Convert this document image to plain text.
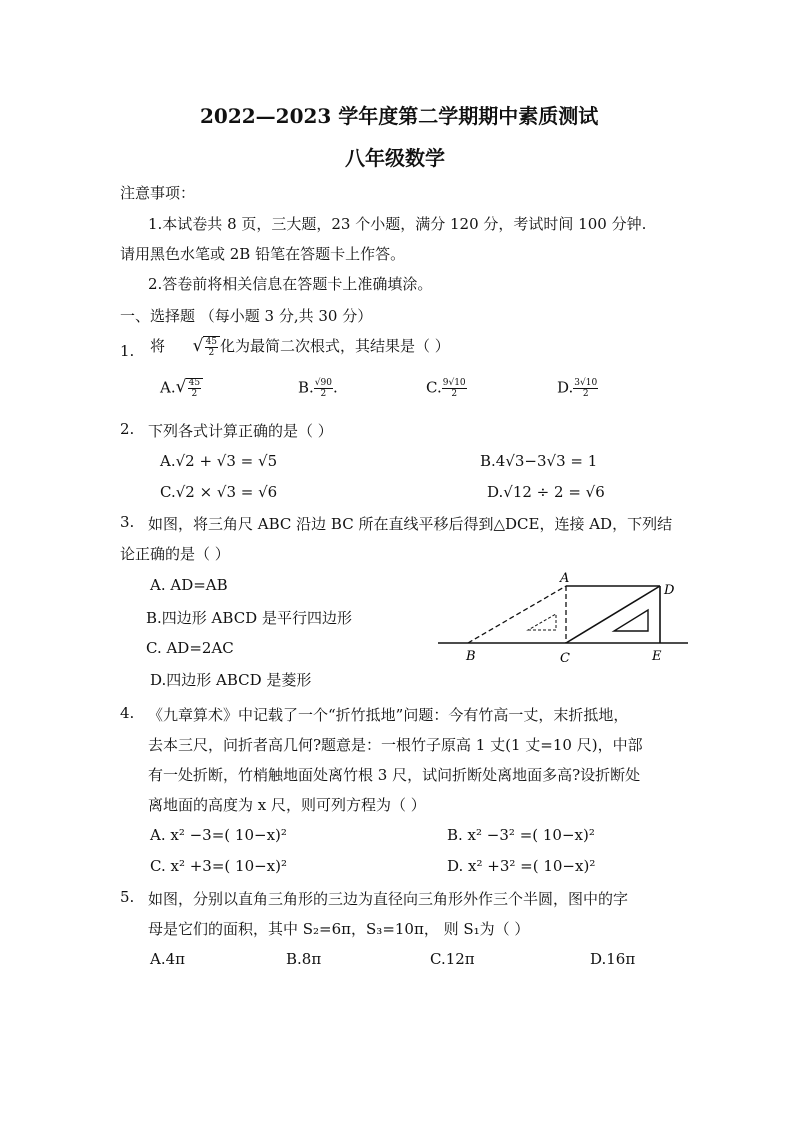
2022—2023 学年度第二学期期中素质测试
八年级数学
注意事项：
1.本试卷共 8 页，三大题，23 个小题，满分 120 分，考试时间 100 分钟.
请用黑色水笔或 2B 铅笔在答题卡上作答。
2.答卷前将相关信息在答题卡上准确填涂。
一、选择题 （每小题 3 分,共 30 分）
1. 将	√ $\frac{45}{2}$ 化为最简二次根式，其结果是（ ）
A. √ $\frac{45}{2}$	B. $\frac{√90}{2}$ .	C. $\frac{9√10}{2}$	D. $\frac{3√10}{2}$
2. 下列各式计算正确的是（ ）
A.√2 + √3 = √5	B.4√3−3√3 = 1
C.√2 × √3 = √6	D.√12 ÷ 2 = √6
3. 如图，将三角尺 ABC 沿边 BC 所在直线平移后得到△DCE，连接 AD，下列结
论正确的是（ ）
A. AD=AB
B.四边形 ABCD 是平行四边形
C. AD=2AC
D.四边形 ABCD 是菱形
A
B	C
D
E
4. 《九章算术》中记载了一个“折竹抵地”问题：今有竹高一丈，末折抵地，
去本三尺，问折者高几何?题意是：一根竹子原高 1 丈(1 丈=10 尺)，中部
有一处折断，竹梢触地面处离竹根 3 尺，试问折断处离地面多高?设折断处
离地面的高度为 x 尺，则可列方程为（ ）
A. x² −3=( 10−x)²	B. x² −3² =( 10−x)²
C. x² +3=( 10−x)²	D. x² +3² =( 10−x)²
5. 如图，分别以直角三角形的三边为直径向三角形外作三个半圆，图中的字
母是它们的面积，其中 S₂=6π，S₃=10π， 则 S₁为（ ）
A.4π	B.8π	C.12π	D.16π
